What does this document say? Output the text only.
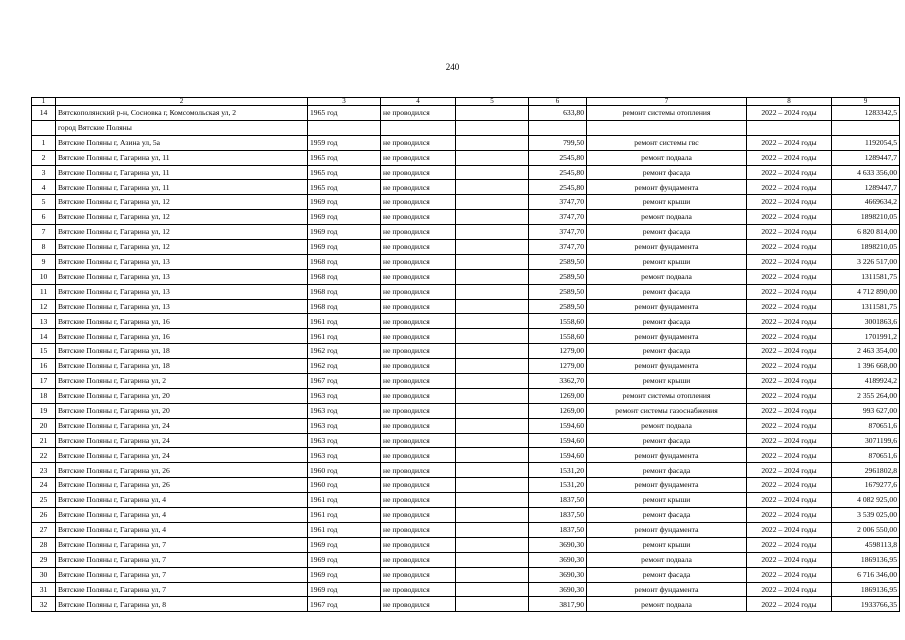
240
1	2	3	4	5	6	7	8	9
14	Вятскополянский р-н, Сосновка г, Комсомольская ул, 2	1965 год	не проводился		633,80	ремонт системы отопления	2022 – 2024 годы	1283342,5
	город Вятские Поляны							
1	Вятские Поляны г, Азина ул, 5а	1959 год	не проводился		799,50	ремонт системы гвс	2022 – 2024 годы	1192054,5
2	Вятские Поляны г, Гагарина ул, 11	1965 год	не проводился		2545,80	ремонт подвала	2022 – 2024 годы	1289447,7
3	Вятские Поляны г, Гагарина ул, 11	1965 год	не проводился		2545,80	ремонт фасада	2022 – 2024 годы	4 633 356,00
4	Вятские Поляны г, Гагарина ул, 11	1965 год	не проводился		2545,80	ремонт фундамента	2022 – 2024 годы	1289447,7
5	Вятские Поляны г, Гагарина ул, 12	1969 год	не проводился		3747,70	ремонт крыши	2022 – 2024 годы	4669634,2
6	Вятские Поляны г, Гагарина ул, 12	1969 год	не проводился		3747,70	ремонт подвала	2022 – 2024 годы	1898210,05
7	Вятские Поляны г, Гагарина ул, 12	1969 год	не проводился		3747,70	ремонт фасада	2022 – 2024 годы	6 820 814,00
8	Вятские Поляны г, Гагарина ул, 12	1969 год	не проводился		3747,70	ремонт фундамента	2022 – 2024 годы	1898210,05
9	Вятские Поляны г, Гагарина ул, 13	1968 год	не проводился		2589,50	ремонт крыши	2022 – 2024 годы	3 226 517,00
10	Вятские Поляны г, Гагарина ул, 13	1968 год	не проводился		2589,50	ремонт подвала	2022 – 2024 годы	1311581,75
11	Вятские Поляны г, Гагарина ул, 13	1968 год	не проводился		2589,50	ремонт фасада	2022 – 2024 годы	4 712 890,00
12	Вятские Поляны г, Гагарина ул, 13	1968 год	не проводился		2589,50	ремонт фундамента	2022 – 2024 годы	1311581,75
13	Вятские Поляны г, Гагарина ул, 16	1961 год	не проводился		1558,60	ремонт фасада	2022 – 2024 годы	3001863,6
14	Вятские Поляны г, Гагарина ул, 16	1961 год	не проводился		1558,60	ремонт фундамента	2022 – 2024 годы	1701991,2
15	Вятские Поляны г, Гагарина ул, 18	1962 год	не проводился		1279,00	ремонт фасада	2022 – 2024 годы	2 463 354,00
16	Вятские Поляны г, Гагарина ул, 18	1962 год	не проводился		1279,00	ремонт фундамента	2022 – 2024 годы	1 396 668,00
17	Вятские Поляны г, Гагарина ул, 2	1967 год	не проводился		3362,70	ремонт крыши	2022 – 2024 годы	4189924,2
18	Вятские Поляны г, Гагарина ул, 20	1963 год	не проводился		1269,00	ремонт системы отопления	2022 – 2024 годы	2 355 264,00
19	Вятские Поляны г, Гагарина ул, 20	1963 год	не проводился		1269,00	ремонт системы газоснабжения	2022 – 2024 годы	993 627,00
20	Вятские Поляны г, Гагарина ул, 24	1963 год	не проводился		1594,60	ремонт подвала	2022 – 2024 годы	870651,6
21	Вятские Поляны г, Гагарина ул, 24	1963 год	не проводился		1594,60	ремонт фасада	2022 – 2024 годы	3071199,6
22	Вятские Поляны г, Гагарина ул, 24	1963 год	не проводился		1594,60	ремонт фундамента	2022 – 2024 годы	870651,6
23	Вятские Поляны г, Гагарина ул, 26	1960 год	не проводился		1531,20	ремонт фасада	2022 – 2024 годы	2961802,8
24	Вятские Поляны г, Гагарина ул, 26	1960 год	не проводился		1531,20	ремонт фундамента	2022 – 2024 годы	1679277,6
25	Вятские Поляны г, Гагарина ул, 4	1961 год	не проводился		1837,50	ремонт крыши	2022 – 2024 годы	4 082 925,00
26	Вятские Поляны г, Гагарина ул, 4	1961 год	не проводился		1837,50	ремонт фасада	2022 – 2024 годы	3 539 025,00
27	Вятские Поляны г, Гагарина ул, 4	1961 год	не проводился		1837,50	ремонт фундамента	2022 – 2024 годы	2 006 550,00
28	Вятские Поляны г, Гагарина ул, 7	1969 год	не проводился		3690,30	ремонт крыши	2022 – 2024 годы	4598113,8
29	Вятские Поляны г, Гагарина ул, 7	1969 год	не проводился		3690,30	ремонт подвала	2022 – 2024 годы	1869136,95
30	Вятские Поляны г, Гагарина ул, 7	1969 год	не проводился		3690,30	ремонт фасада	2022 – 2024 годы	6 716 346,00
31	Вятские Поляны г, Гагарина ул, 7	1969 год	не проводился		3690,30	ремонт фундамента	2022 – 2024 годы	1869136,95
32	Вятские Поляны г, Гагарина ул, 8	1967 год	не проводился		3817,90	ремонт подвала	2022 – 2024 годы	1933766,35
